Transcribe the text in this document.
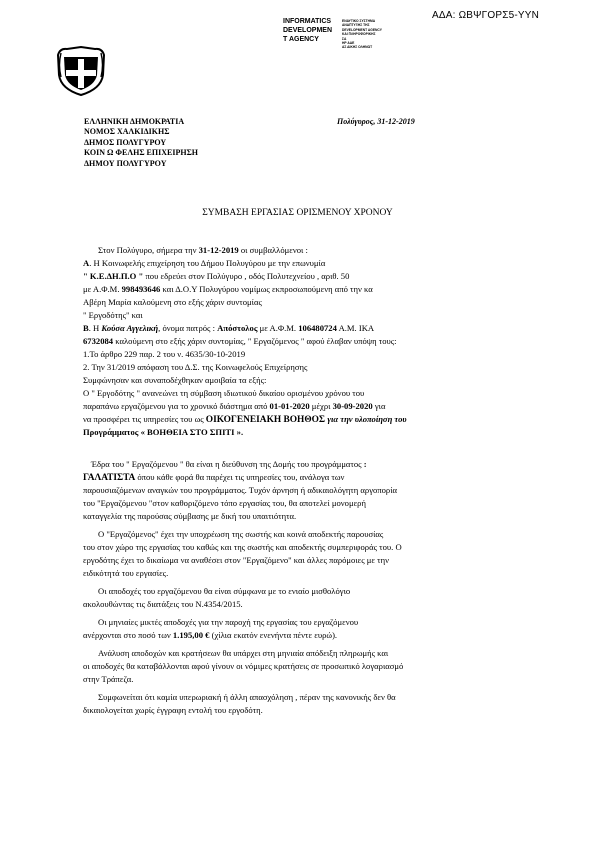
ΑΔΑ: ΩΒΨΓΟΡΣ5-ΥΥΝ
INFORMATICS
DEVELOPMEN
T AGENCY
ΕΝΑΥΤΙΚΟ ΣΥΣΤΗΜΑ
ΑΝΑΠΤΥΞΗΣ ΤΗΣ
DEVELOPMENT AGENCY
ΚΑΙ ΠΛΗΡΟΦΟΡΙΚΗΣ
ΣΑ
ΗΡ ΑΑΕ
ΑΣ ΔΙΚΗΣ ΟΛΗΝΩΤ
ΕΛΛΗΝΙΚΗ ΔΗΜΟΚΡΑΤΙΑ
ΝΟΜΟΣ ΧΑΛΚΙΔΙΚΗΣ
ΔΗΜΟΣ ΠΟΛΥΓΥΡΟΥ
ΚΟΙΝ Ω ΦΕΛΗΣ ΕΠΙΧΕΙΡΗΣΗ
ΔΗΜΟΥ ΠΟΛΥΓΥΡΟΥ
Πολύγυρος, 31-12-2019
ΣΥΜΒΑΣΗ ΕΡΓΑΣΙΑΣ ΟΡΙΣΜΕΝΟΥ ΧΡΟΝΟΥ
Στον Πολύγυρο, σήμερα την 31-12-2019 οι συμβαλλόμενοι :
Α. Η Κοινωφελής επιχείρηση του Δήμου Πολυγύρου με την επωνυμία
" Κ.Ε.ΔΗ.Π.Ο " που εδρεύει στον Πολύγυρο , οδός Πολυτεχνείου , αριθ. 50
με Α.Φ.Μ. 998493646 και Δ.Ο.Υ Πολυγύρου νομίμως εκπροσωπούμενη από την κα
Αβέρη Μαρία καλούμενη στο εξής χάριν συντομίας
" Εργοδότης" και
Β. Η Κούσα Αγγελική, όνομα πατρός : Απόστολος με Α.Φ.Μ. 106480724 Α.Μ. ΙΚΑ
6732084 καλούμενη στο εξής χάριν συντομίας, " Εργαζόμενος " αφού έλαβαν υπόψη τους:
1.Το άρθρο 229 παρ. 2 του ν. 4635/30-10-2019
2. Την 31/2019 απόφαση του Δ.Σ. της Κοινωφελούς Επιχείρησης
Συμφώνησαν και συναποδέχθηκαν αμοιβαία τα εξής:
Ο " Εργοδότης " ανανεώνει τη σύμβαση ιδιωτικού δικαίου ορισμένου χρόνου του
παραπάνω εργαζόμενου για το χρονικό διάστημα από 01-01-2020 μέχρι 30-09-2020 για
να προσφέρει τις υπηρεσίες του ως ΟΙΚΟΓΕΝΕΙΑΚΗ ΒΟΗΘΟΣ για την υλοποίηση του
Προγράμματος « ΒΟΗΘΕΙΑ ΣΤΟ ΣΠΙΤΙ ».
Έδρα του " Εργαζόμενου " θα είναι η διεύθυνση της Δομής του προγράμματος :
ΓΑΛΑΤΙΣΤΑ όπου κάθε φορά θα παρέχει τις υπηρεσίες του, ανάλογα των
παρουσιαζόμενων αναγκών του προγράμματος. Τυχόν άρνηση ή αδικαιολόγητη αργοπορία
του "Εργαζόμενου "στον καθοριζόμενο τόπο εργασίας του, θα αποτελεί μονομερή
καταγγελία της παρούσας σύμβασης με δική του υπαιτιότητα.
Ο "Εργαζόμενος" έχει την υποχρέωση της σωστής και κοινά αποδεκτής παρουσίας
του στον χώρο της εργασίας του καθώς και της σωστής και αποδεκτής συμπεριφοράς του. Ο
εργοδότης έχει το δικαίωμα να αναθέσει στον "Εργαζόμενο" και άλλες παρόμοιες με την
ειδικότητά του εργασίες.
Οι αποδοχές του εργαζόμενου θα είναι σύμφωνα με το ενιαίο μισθολόγιο
ακολουθώντας τις διατάξεις του Ν.4354/2015.
Οι μηνιαίες μικτές αποδοχές για την παροχή της εργασίας του εργαζόμενου
ανέρχονται στο ποσό των 1.195,00 € (χίλια εκατόν ενενήντα πέντε ευρώ).
Ανάλυση αποδοχών και κρατήσεων θα υπάρχει στη μηνιαία απόδειξη πληρωμής και
οι αποδοχές θα καταβάλλονται αφού γίνουν οι νόμιμες κρατήσεις σε προσωπικό λογαριασμό
στην Τράπεζα.
Συμφωνείται ότι καμία υπερωριακή ή άλλη απασχόληση , πέραν της κανονικής δεν θα
δικαιολογείται χωρίς έγγραφη εντολή του εργοδότη.
